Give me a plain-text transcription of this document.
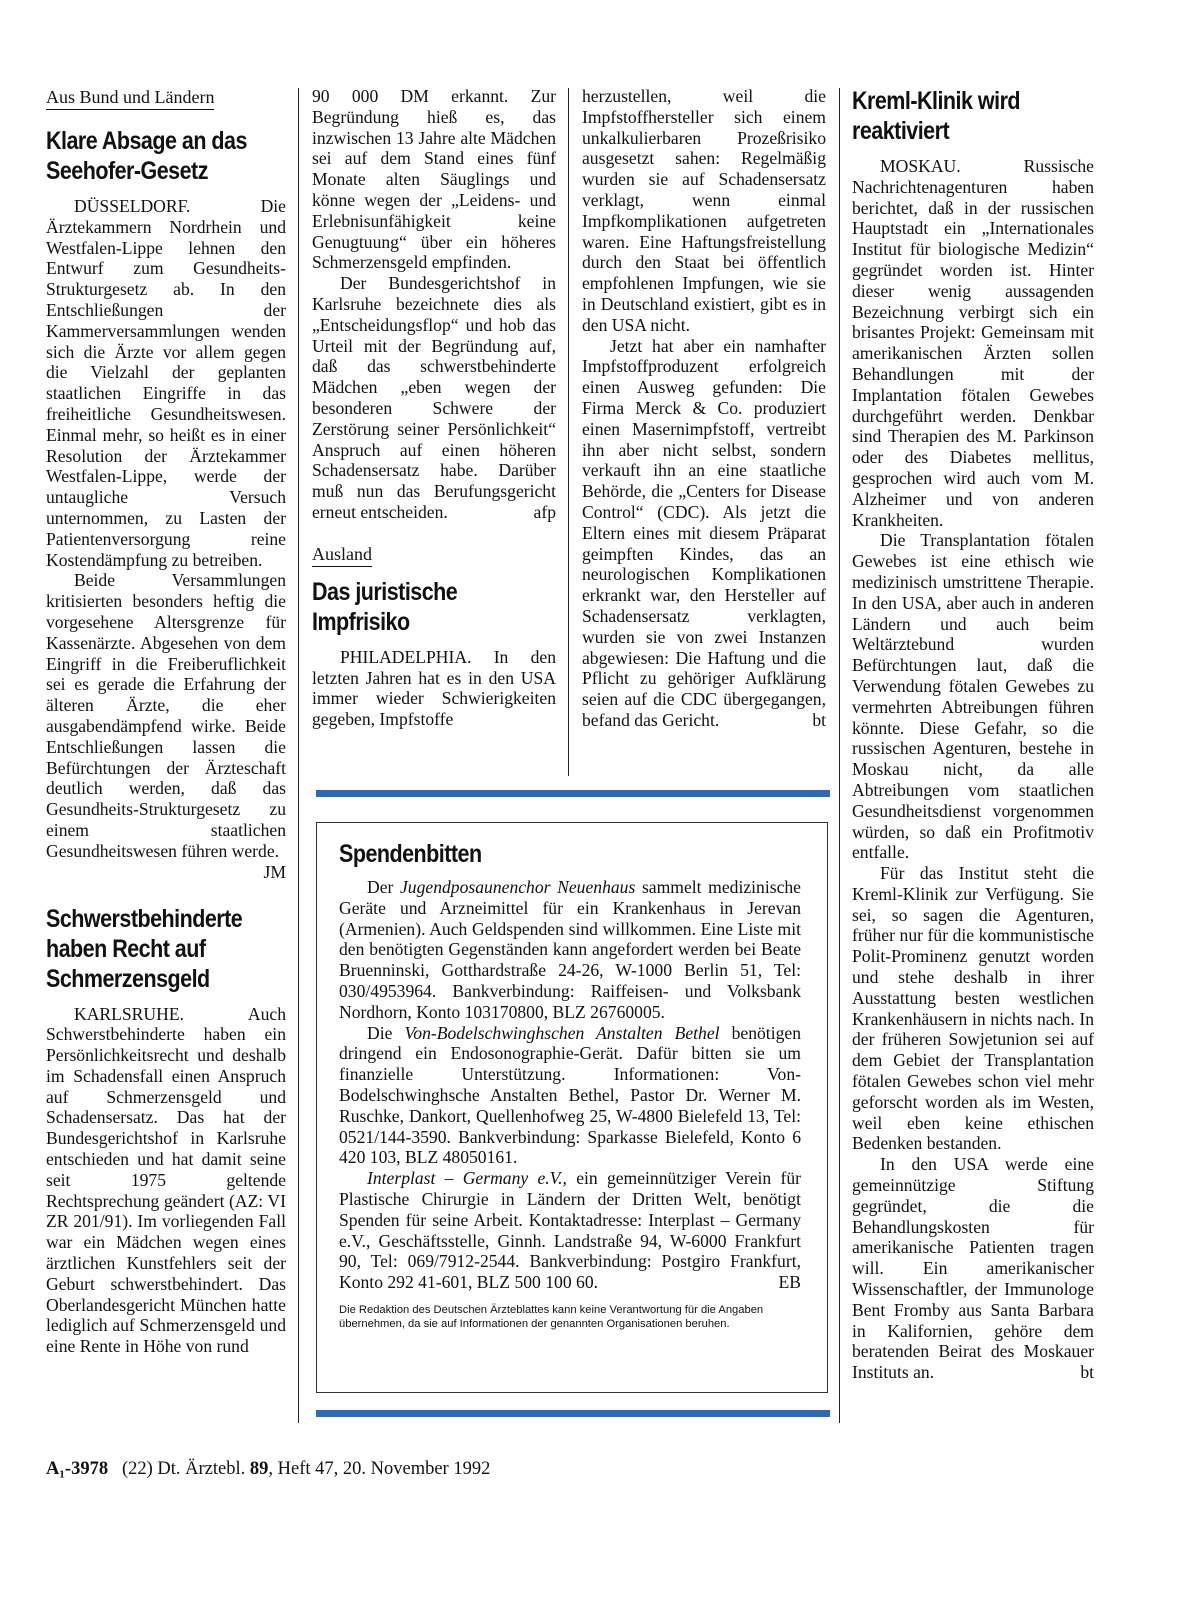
Aus Bund und Ländern
Klare Absage an das Seehofer-Gesetz

DÜSSELDORF. Die Ärztekammern Nordrhein und Westfalen-Lippe lehnen den Entwurf zum Gesundheits-Strukturgesetz ab. In den Entschließungen der Kammerversammlungen wenden sich die Ärzte vor allem gegen die Vielzahl der geplanten staatlichen Eingriffe in das freiheitliche Gesundheitswesen. Einmal mehr, so heißt es in einer Resolution der Ärztekammer Westfalen-Lippe, werde der untaugliche Versuch unternommen, zu Lasten der Patientenversorgung reine Kostendämpfung zu betreiben.

Beide Versammlungen kritisierten besonders heftig die vorgesehene Altersgrenze für Kassenärzte. Abgesehen von dem Eingriff in die Freiberuflichkeit sei es gerade die Erfahrung der älteren Ärzte, die eher ausgabendämpfend wirke. Beide Entschließungen lassen die Befürchtungen der Ärzteschaft deutlich werden, daß das Gesundheits-Strukturgesetz zu einem staatlichen Gesundheitswesen führen werde.
JM

Schwerstbehinderte haben Recht auf Schmerzensgeld

KARLSRUHE. Auch Schwerstbehinderte haben ein Persönlichkeitsrecht und deshalb im Schadensfall einen Anspruch auf Schmerzensgeld und Schadensersatz. Das hat der Bundesgerichtshof in Karlsruhe entschieden und hat damit seine seit 1975 geltende Rechtsprechung geändert (AZ: VI ZR 201/91). Im vorliegenden Fall war ein Mädchen wegen eines ärztlichen Kunstfehlers seit der Geburt schwerstbehindert. Das Oberlandesgericht München hatte lediglich auf Schmerzensgeld und eine Rente in Höhe von rund

90 000 DM erkannt. Zur Begründung hieß es, das inzwischen 13 Jahre alte Mädchen sei auf dem Stand eines fünf Monate alten Säuglings und könne wegen der „Leidens- und Erlebnisunfähigkeit keine Genugtuung“ über ein höheres Schmerzensgeld empfinden.

Der Bundesgerichtshof in Karlsruhe bezeichnete dies als „Entscheidungsflop“ und hob das Urteil mit der Begründung auf, daß das schwerstbehinderte Mädchen „eben wegen der besonderen Schwere der Zerstörung seiner Persönlichkeit“ Anspruch auf einen höheren Schadensersatz habe. Darüber muß nun das Berufungsgericht erneut entscheiden.	afp

Ausland
Das juristische Impfrisiko

PHILADELPHIA. In den letzten Jahren hat es in den USA immer wieder Schwierigkeiten gegeben, Impfstoffe

herzustellen, weil die Impfstoffhersteller sich einem unkalkulierbaren Prozeßrisiko ausgesetzt sahen: Regelmäßig wurden sie auf Schadensersatz verklagt, wenn einmal Impfkomplikationen aufgetreten waren. Eine Haftungsfreistellung durch den Staat bei öffentlich empfohlenen Impfungen, wie sie in Deutschland existiert, gibt es in den USA nicht.

Jetzt hat aber ein namhafter Impfstoffproduzent erfolgreich einen Ausweg gefunden: Die Firma Merck & Co. produziert einen Masernimpfstoff, vertreibt ihn aber nicht selbst, sondern verkauft ihn an eine staatliche Behörde, die „Centers for Disease Control“ (CDC). Als jetzt die Eltern eines mit diesem Präparat geimpften Kindes, das an neurologischen Komplikationen erkrankt war, den Hersteller auf Schadensersatz verklagten, wurden sie von zwei Instanzen abgewiesen: Die Haftung und die Pflicht zu gehöriger Aufklärung seien auf die CDC übergegangen, befand das Gericht.	bt

Spendenbitten

Der Jugendposaunenchor Neuenhaus sammelt medizinische Geräte und Arzneimittel für ein Krankenhaus in Jerevan (Armenien). Auch Geldspenden sind willkommen. Eine Liste mit den benötigten Gegenständen kann angefordert werden bei Beate Bruenninski, Gotthardstraße 24-26, W-1000 Berlin 51, Tel: 030/4953964. Bankverbindung: Raiffeisen- und Volksbank Nordhorn, Konto 103170800, BLZ 26760005.

Die Von-Bodelschwinghschen Anstalten Bethel benötigen dringend ein Endosonographie-Gerät. Dafür bitten sie um finanzielle Unterstützung. Informationen: Von-Bodelschwinghsche Anstalten Bethel, Pastor Dr. Werner M. Ruschke, Dankort, Quellenhofweg 25, W-4800 Bielefeld 13, Tel: 0521/144-3590. Bankverbindung: Sparkasse Bielefeld, Konto 6 420 103, BLZ 48050161.

Interplast – Germany e.V., ein gemeinnütziger Verein für Plastische Chirurgie in Ländern der Dritten Welt, benötigt Spenden für seine Arbeit. Kontaktadresse: Interplast – Germany e.V., Geschäftsstelle, Ginnh. Landstraße 94, W-6000 Frankfurt 90, Tel: 069/7912-2544. Bankverbindung: Postgiro Frankfurt, Konto 292 41-601, BLZ 500 100 60.	EB

Die Redaktion des Deutschen Ärzteblattes kann keine Verantwortung für die Angaben übernehmen, da sie auf Informationen der genannten Organisationen beruhen.

Kreml-Klinik wird reaktiviert

MOSKAU. Russische Nachrichtenagenturen haben berichtet, daß in der russischen Hauptstadt ein „Internationales Institut für biologische Medizin“ gegründet worden ist. Hinter dieser wenig aussagenden Bezeichnung verbirgt sich ein brisantes Projekt: Gemeinsam mit amerikanischen Ärzten sollen Behandlungen mit der Implantation fötalen Gewebes durchgeführt werden. Denkbar sind Therapien des M. Parkinson oder des Diabetes mellitus, gesprochen wird auch vom M. Alzheimer und von anderen Krankheiten.

Die Transplantation fötalen Gewebes ist eine ethisch wie medizinisch umstrittene Therapie. In den USA, aber auch in anderen Ländern und auch beim Weltärztebund wurden Befürchtungen laut, daß die Verwendung fötalen Gewebes zu vermehrten Abtreibungen führen könnte. Diese Gefahr, so die russischen Agenturen, bestehe in Moskau nicht, da alle Abtreibungen vom staatlichen Gesundheitsdienst vorgenommen würden, so daß ein Profitmotiv entfalle.

Für das Institut steht die Kreml-Klinik zur Verfügung. Sie sei, so sagen die Agenturen, früher nur für die kommunistische Polit-Prominenz genutzt worden und stehe deshalb in ihrer Ausstattung besten westlichen Krankenhäusern in nichts nach. In der früheren Sowjetunion sei auf dem Gebiet der Transplantation fötalen Gewebes schon viel mehr geforscht worden als im Westen, weil eben keine ethischen Bedenken bestanden.

In den USA werde eine gemeinnützige Stiftung gegründet, die die Behandlungskosten für amerikanische Patienten tragen will. Ein amerikanischer Wissenschaftler, der Immunologe Bent Fromby aus Santa Barbara in Kalifornien, gehöre dem beratenden Beirat des Moskauer Instituts an.	bt

A₁-3978 (22) Dt. Ärztebl. 89, Heft 47, 20. November 1992
